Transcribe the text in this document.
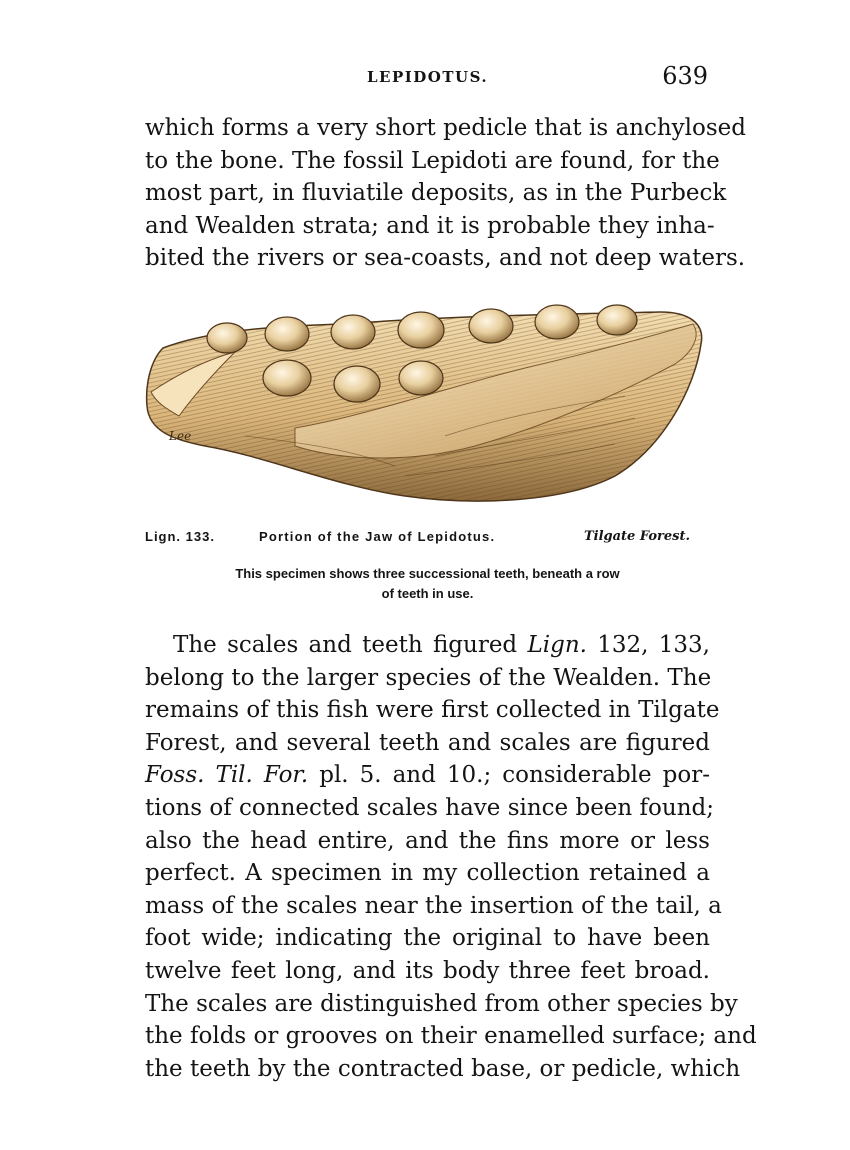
LEPIDOTUS.	639
which forms a very short pedicle that is anchylosed
to the bone. The fossil Lepidoti are found, for the
most part, in fluviatile deposits, as in the Purbeck
and Wealden strata; and it is probable they inha-
bited the rivers or sea-coasts, and not deep waters.
Lee
Lign. 133.	Portion of the Jaw of Lepidotus.	Tilgate Forest.
This specimen shows three successional teeth, beneath a row
of teeth in use.
The scales and teeth figured Lign. 132, 133,
belong to the larger species of the Wealden. The
remains of this fish were first collected in Tilgate
Forest, and several teeth and scales are figured
Foss. Til. For. pl. 5. and 10.; considerable por-
tions of connected scales have since been found;
also the head entire, and the fins more or less
perfect. A specimen in my collection retained a
mass of the scales near the insertion of the tail, a
foot wide; indicating the original to have been
twelve feet long, and its body three feet broad.
The scales are distinguished from other species by
the folds or grooves on their enamelled surface; and
the teeth by the contracted base, or pedicle, which
